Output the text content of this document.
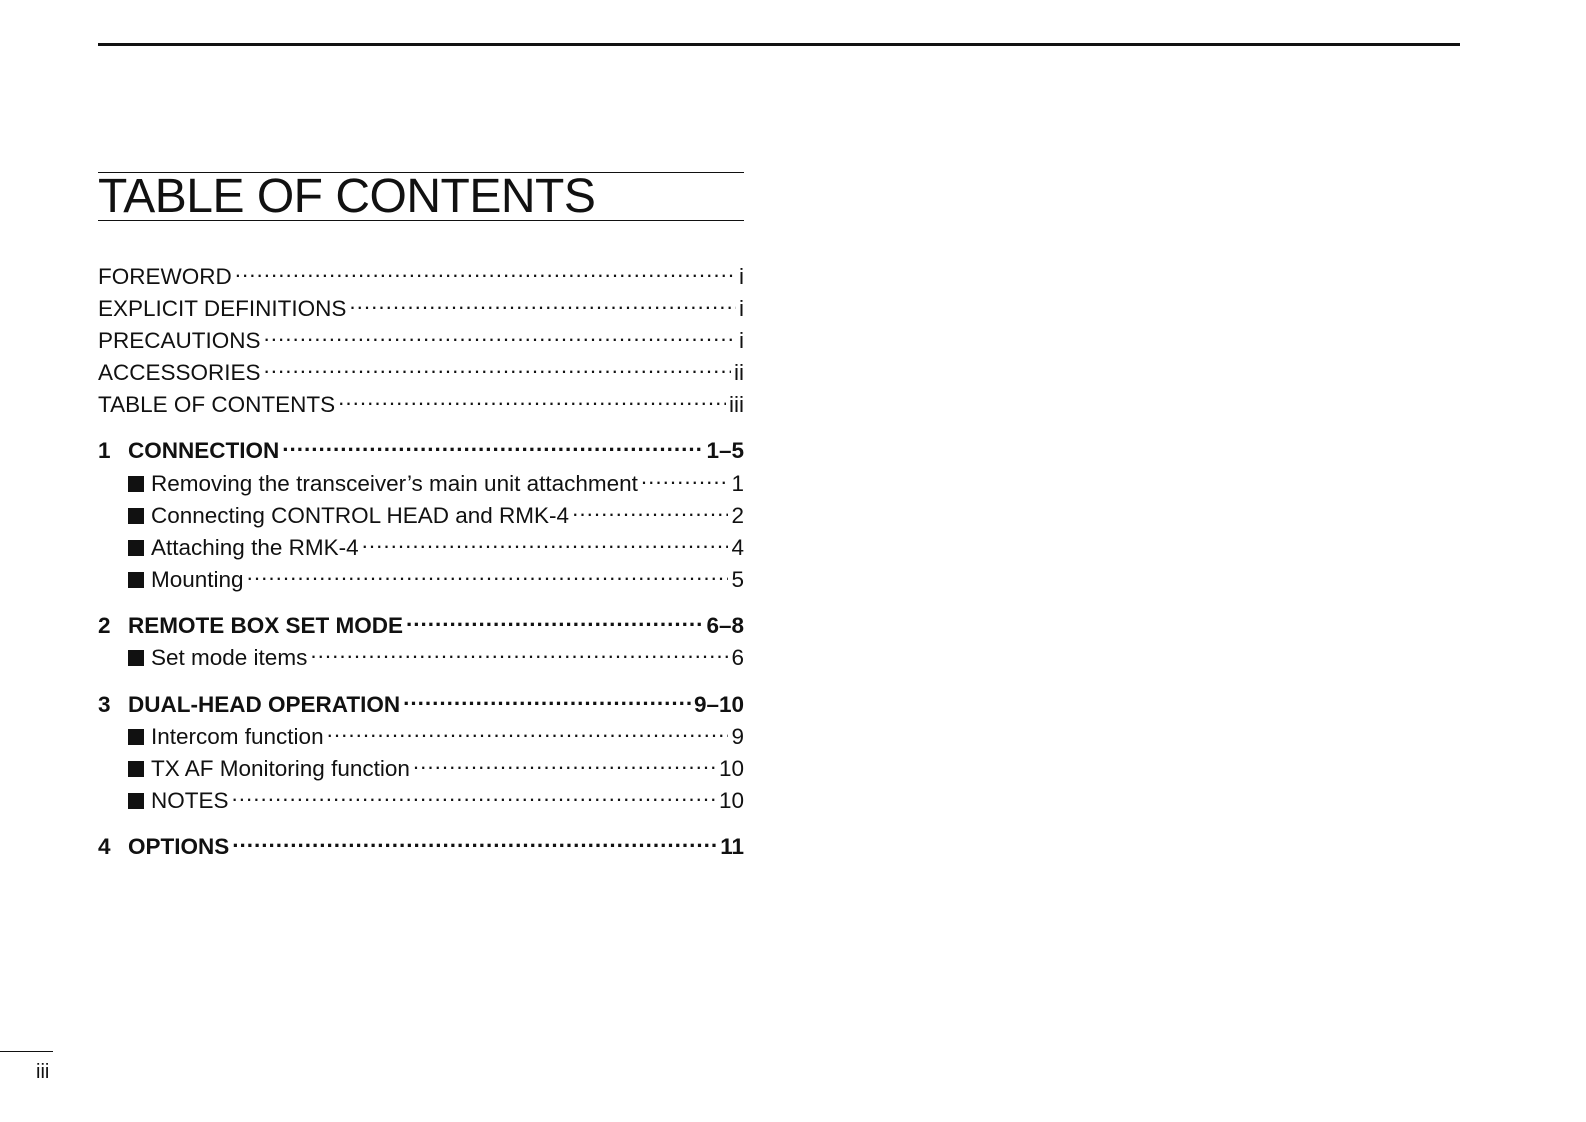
TABLE OF CONTENTS
FOREWORD .....	i
EXPLICIT DEFINITIONS .....	i
PRECAUTIONS .....	i
ACCESSORIES .....	ii
TABLE OF CONTENTS .....	iii
1 CONNECTION .....	1–5
Removing the transceiver’s main unit attachment .....	1
Connecting CONTROL HEAD and RMK-4 .....	2
Attaching the RMK-4 .....	4
Mounting .....	5
2 REMOTE BOX SET MODE .....	6–8
Set mode items .....	6
3 DUAL-HEAD OPERATION .....	9–10
Intercom function .....	9
TX AF Monitoring function .....	10
NOTES .....	10
4 OPTIONS .....	11
iii
